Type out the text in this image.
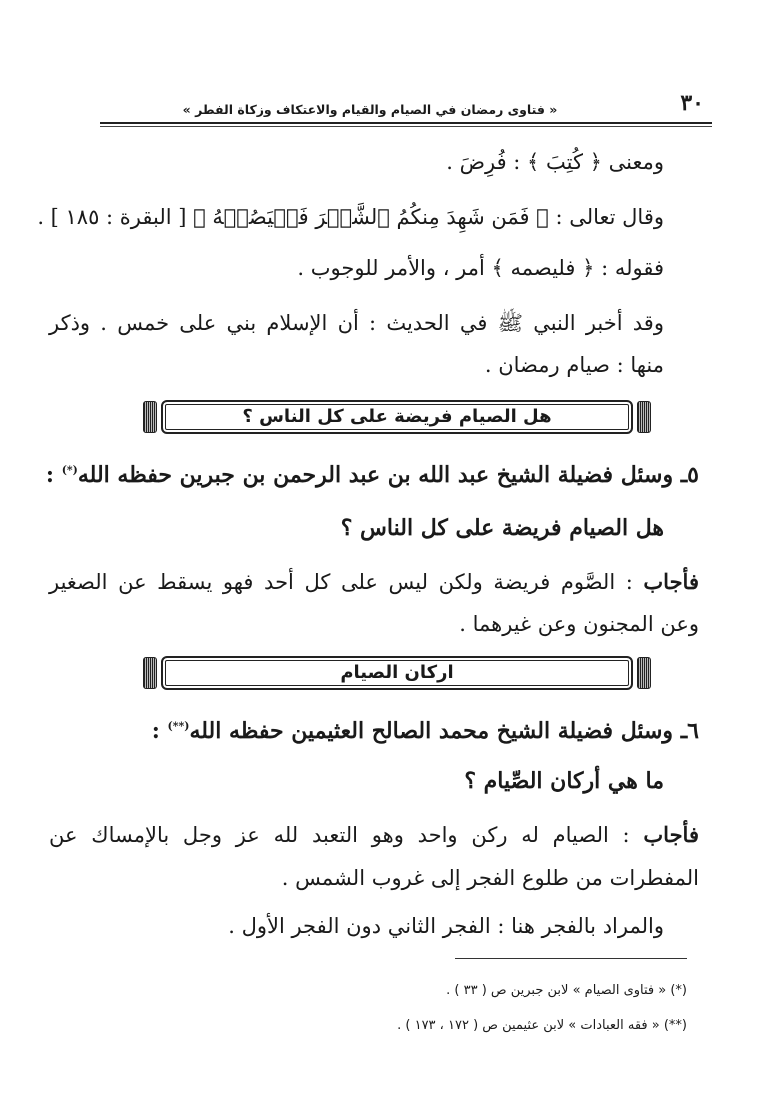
٣٠
« فتاوى رمضان في الصيام والقيام والاعتكاف وزكاة الفطر »
ومعنى ﴿ كُتِبَ ﴾ : فُرِضَ .
وقال تعالى : ﴿ فَمَن شَهِدَ مِنكُمُ ٱلشَّهۡرَ فَلۡيَصُمۡهُ ﴾ [ البقرة : ١٨٥ ] .
فقوله : ﴿ فليصمه ﴾ أمر ، والأمر للوجوب .
وقد أخبر النبي ﷺ في الحديث : أن الإسلام بني على خمس . وذكر
منها : صيام رمضان .
هل الصيام فريضة على كل الناس ؟
٥ـ وسئل فضيلة الشيخ عبد الله بن عبد الرحمن بن جبرين حفظه الله(*) :
هل الصيام فريضة على كل الناس ؟
فأجاب : الصَّوم فريضة ولكن ليس على كل أحد فهو يسقط عن الصغير
وعن المجنون وعن غيرهما .
اركان الصيام
٦ـ وسئل فضيلة الشيخ محمد الصالح العثيمين حفظه الله(**) :
ما هي أركان الصِّيام ؟
فأجاب : الصيام له ركن واحد وهو التعبد لله عز وجل بالإمساك عن
المفطرات من طلوع الفجر إلى غروب الشمس .
والمراد بالفجر هنا : الفجر الثاني دون الفجر الأول .
(*) « فتاوى الصيام » لابن جبرين ص ( ٣٣ ) .
(**) « فقه العبادات » لابن عثيمين ص ( ١٧٢ ، ١٧٣ ) .
